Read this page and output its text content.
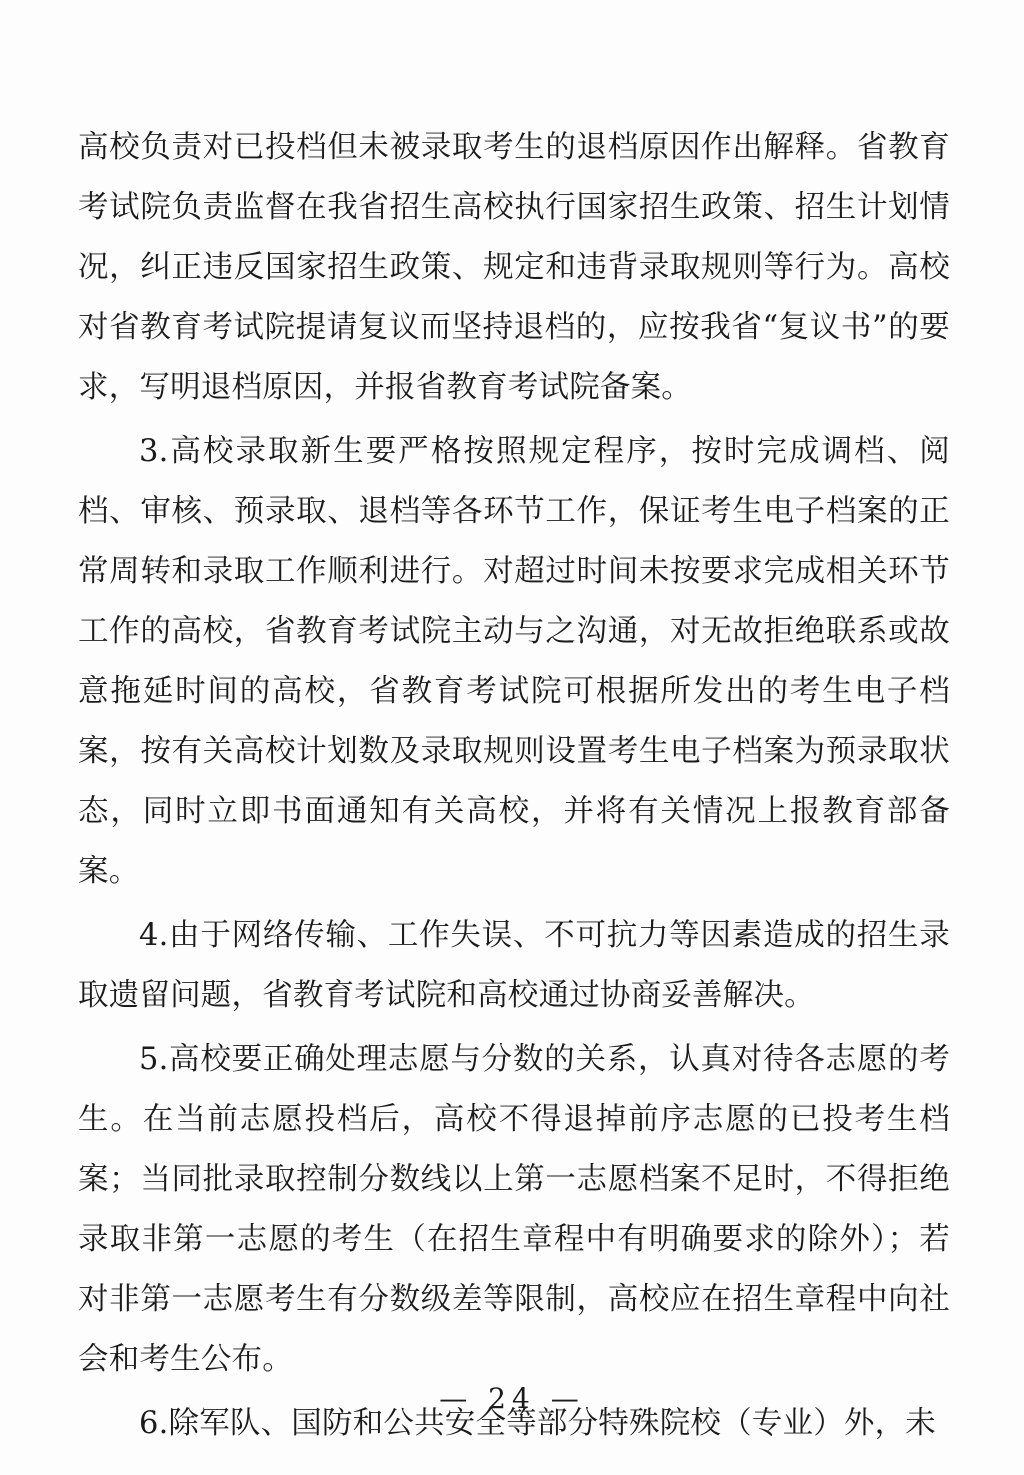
高校负责对已投档但未被录取考生的退档原因作出解释。省教育考试院负责监督在我省招生高校执行国家招生政策、招生计划情况，纠正违反国家招生政策、规定和违背录取规则等行为。高校对省教育考试院提请复议而坚持退档的，应按我省“复议书”的要求，写明退档原因，并报省教育考试院备案。

3.高校录取新生要严格按照规定程序，按时完成调档、阅档、审核、预录取、退档等各环节工作，保证考生电子档案的正常周转和录取工作顺利进行。对超过时间未按要求完成相关环节工作的高校，省教育考试院主动与之沟通，对无故拒绝联系或故意拖延时间的高校，省教育考试院可根据所发出的考生电子档案，按有关高校计划数及录取规则设置考生电子档案为预录取状态，同时立即书面通知有关高校，并将有关情况上报教育部备案。

4.由于网络传输、工作失误、不可抗力等因素造成的招生录取遗留问题，省教育考试院和高校通过协商妥善解决。

5.高校要正确处理志愿与分数的关系，认真对待各志愿的考生。在当前志愿投档后，高校不得退掉前序志愿的已投考生档案；当同批录取控制分数线以上第一志愿档案不足时，不得拒绝录取非第一志愿的考生（在招生章程中有明确要求的除外）；若对非第一志愿考生有分数级差等限制，高校应在招生章程中向社会和考生公布。

6.除军队、国防和公共安全等部分特殊院校（专业）外，未

— 24 —
